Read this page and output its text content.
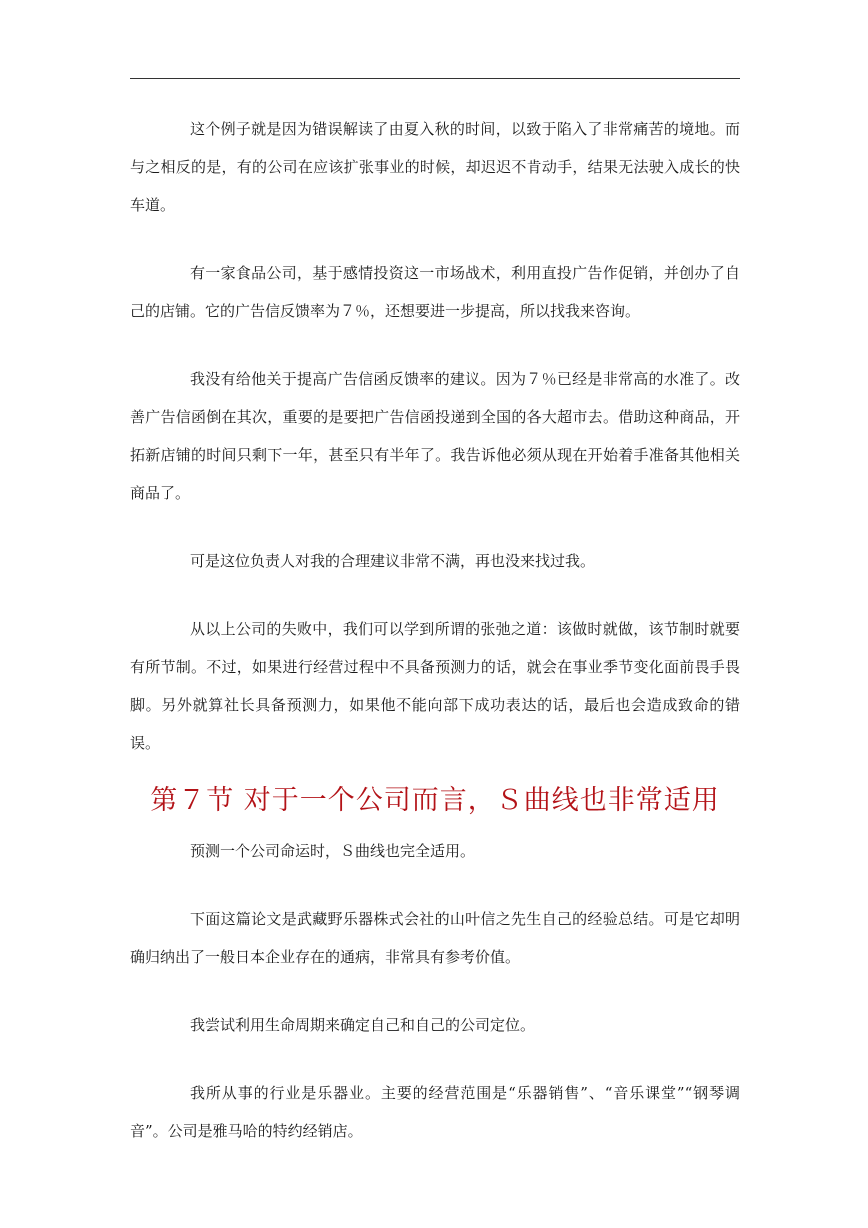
这个例子就是因为错误解读了由夏入秋的时间，以致于陷入了非常痛苦的境地。而与之相反的是，有的公司在应该扩张事业的时候，却迟迟不肯动手，结果无法驶入成长的快车道。

有一家食品公司，基于感情投资这一市场战术，利用直投广告作促销，并创办了自己的店铺。它的广告信反馈率为７％，还想要进一步提高，所以找我来咨询。

我没有给他关于提高广告信函反馈率的建议。因为７％已经是非常高的水准了。改善广告信函倒在其次，重要的是要把广告信函投递到全国的各大超市去。借助这种商品，开拓新店铺的时间只剩下一年，甚至只有半年了。我告诉他必须从现在开始着手准备其他相关商品了。

可是这位负责人对我的合理建议非常不满，再也没来找过我。

从以上公司的失败中，我们可以学到所谓的张弛之道：该做时就做，该节制时就要有所节制。不过，如果进行经营过程中不具备预测力的话，就会在事业季节变化面前畏手畏脚。另外就算社长具备预测力，如果他不能向部下成功表达的话，最后也会造成致命的错误。

第７节 对于一个公司而言，Ｓ曲线也非常适用

预测一个公司命运时，Ｓ曲线也完全适用。

下面这篇论文是武藏野乐器株式会社的山叶信之先生自己的经验总结。可是它却明确归纳出了一般日本企业存在的通病，非常具有参考价值。

我尝试利用生命周期来确定自己和自己的公司定位。

我所从事的行业是乐器业。主要的经营范围是“乐器销售”、“音乐课堂”“钢琴调音”。公司是雅马哈的特约经销店。
